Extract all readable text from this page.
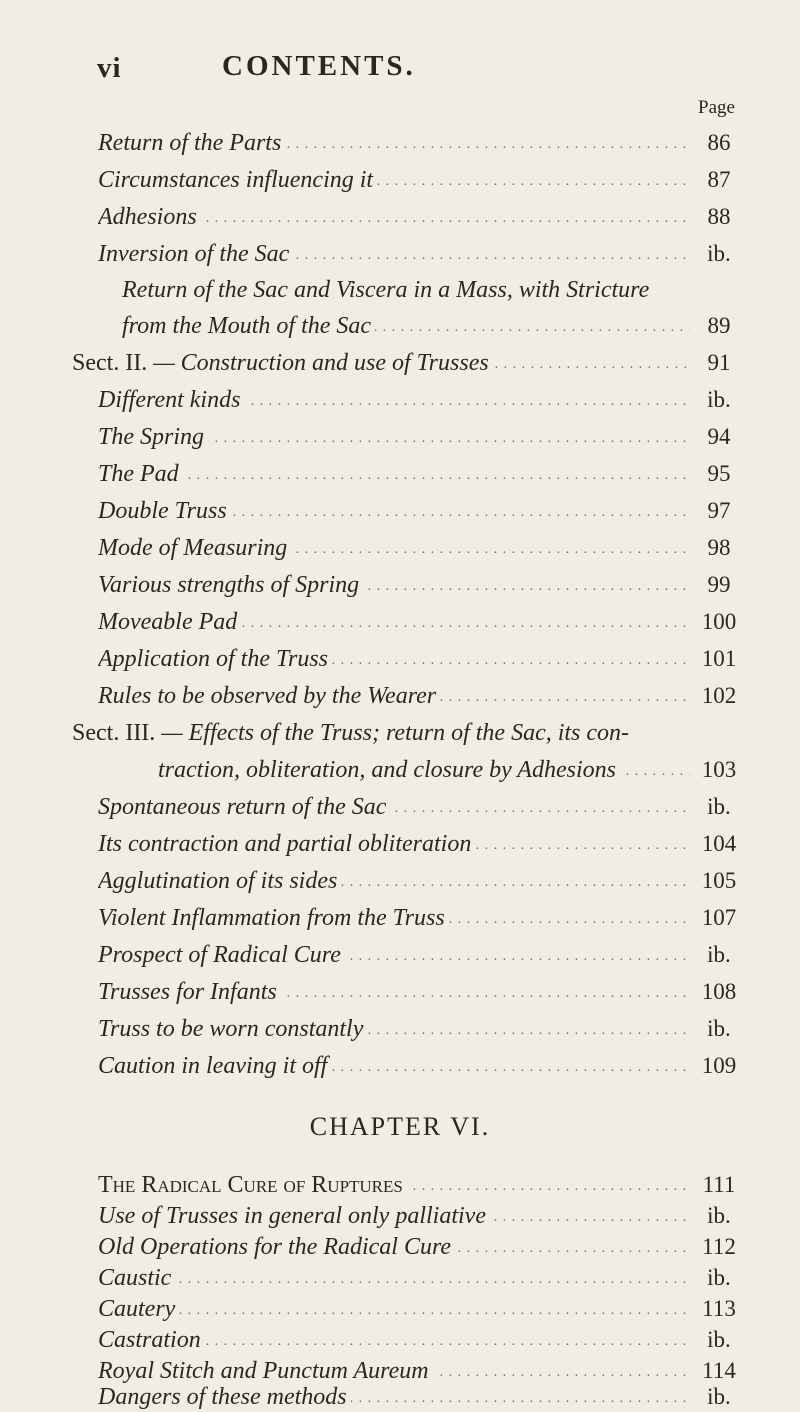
vi	CONTENTS.
Page
Return of the Parts . . .	86
Circumstances influencing it . . .	87
Adhesions . . .	88
Inversion of the Sac . . .	ib.
Return of the Sac and Viscera in a Mass, with Stricture
from the Mouth of the Sac . . .	89
Sect. II. — Construction and use of Trusses . . .	91
Different kinds . . .	ib.
The Spring . . .	94
The Pad . . .	95
Double Truss . . .	97
Mode of Measuring . . .	98
Various strengths of Spring . . .	99
Moveable Pad . . .	100
Application of the Truss . . .	101
Rules to be observed by the Wearer . . .	102
Sect. III. — Effects of the Truss; return of the Sac, its con-
traction, obliteration, and closure by Adhesions . . .	103
Spontaneous return of the Sac . . .	ib.
Its contraction and partial obliteration . . .	104
Agglutination of its sides . . .	105
Violent Inflammation from the Truss . . .	107
Prospect of Radical Cure . . .	ib.
Trusses for Infants . . .	108
Truss to be worn constantly . . .	ib.
Caution in leaving it off . . .	109
CHAPTER VI.
The Radical Cure of Ruptures . . .	111
Use of Trusses in general only palliative . . .	ib.
Old Operations for the Radical Cure . . .	112
Caustic . . .	ib.
Cautery . . .	113
Castration . . .	ib.
Royal Stitch and Punctum Aureum . . .	114
Dangers of these methods . . .	ib.
